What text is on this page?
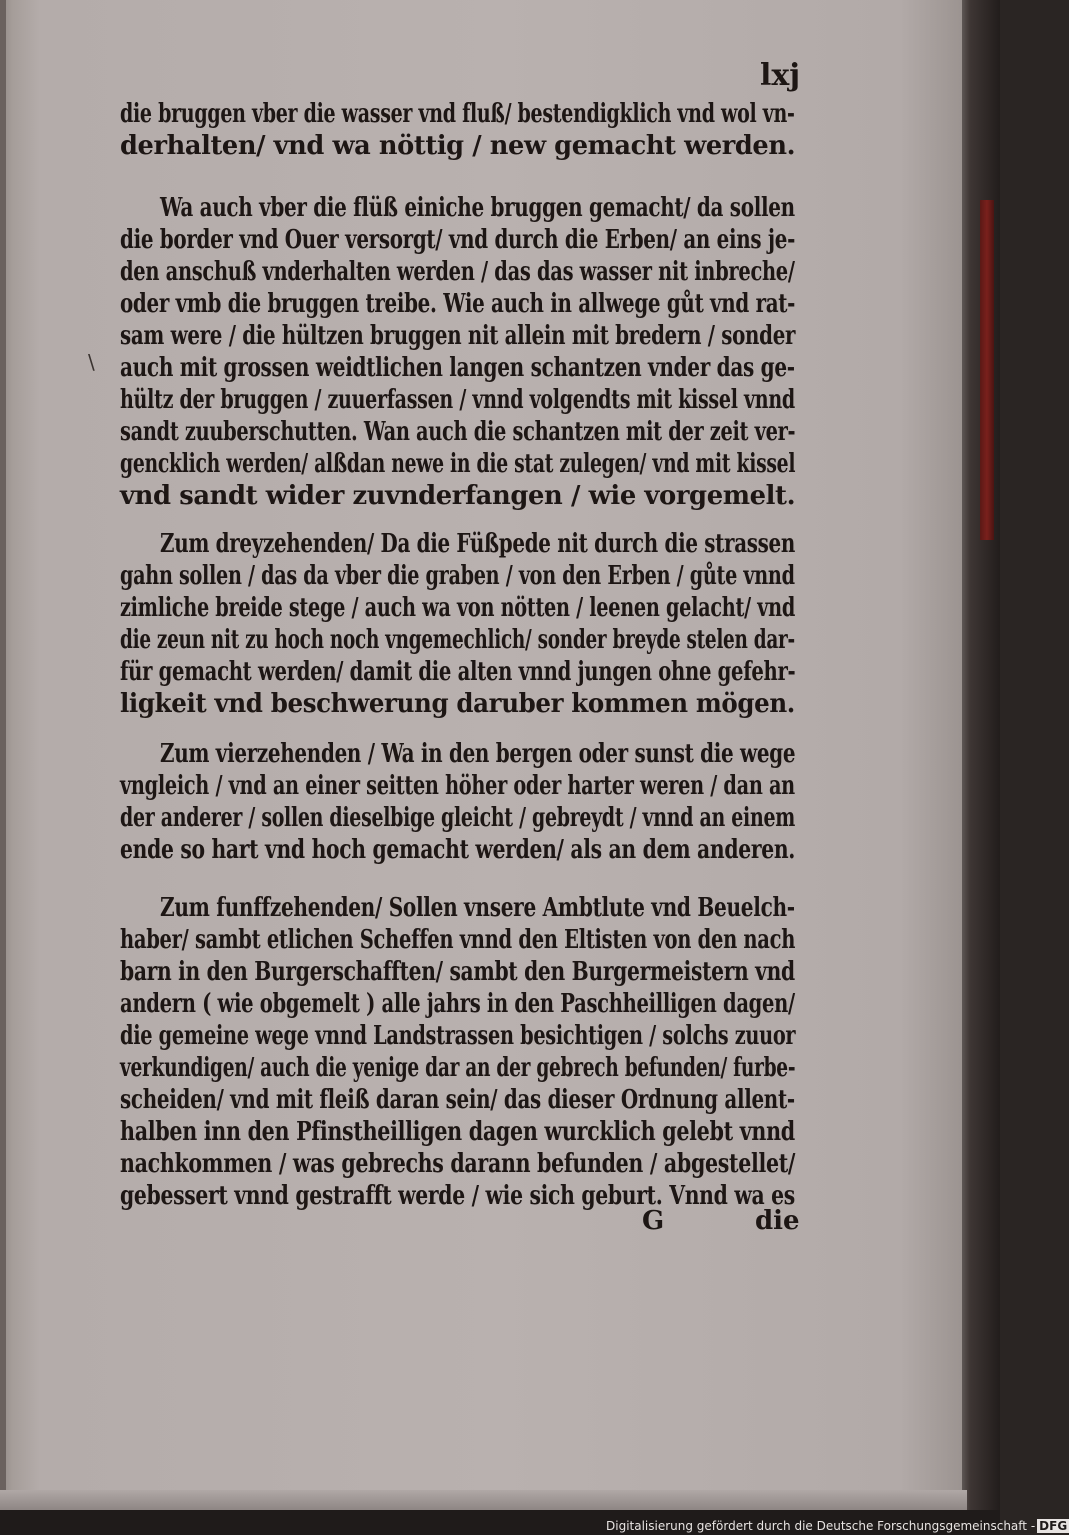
lxj
\
die bruggen vber die wasser vnd fluß/ bestendigklich vnd wol vn-
derhalten/ vnd wa nöttig / new gemacht werden.
Wa auch vber die flüß einiche bruggen gemacht/ da sollen
die border vnd Ouer versorgt/ vnd durch die Erben/ an eins je-
den anschuß vnderhalten werden / das das wasser nit inbreche/
oder vmb die bruggen treibe. Wie auch in allwege gůt vnd rat-
sam were / die hültzen bruggen nit allein mit bredern / sonder
auch mit grossen weidtlichen langen schantzen vnder das ge-
hültz der bruggen / zuuerfassen / vnnd volgendts mit kissel vnnd
sandt zuuberschutten. Wan auch die schantzen mit der zeit ver-
gencklich werden/ alßdan newe in die stat zulegen/ vnd mit kissel
vnd sandt wider zuvnderfangen / wie vorgemelt.
Zum dreyzehenden/ Da die Füßpede nit durch die strassen
gahn sollen / das da vber die graben / von den Erben / gůte vnnd
zimliche breide stege / auch wa von nötten / leenen gelacht/ vnd
die zeun nit zu hoch noch vngemechlich/ sonder breyde stelen dar-
für gemacht werden/ damit die alten vnnd jungen ohne gefehr-
ligkeit vnd beschwerung daruber kommen mögen.
Zum vierzehenden / Wa in den bergen oder sunst die wege
vngleich / vnd an einer seitten höher oder harter weren / dan an
der anderer / sollen dieselbige gleicht / gebreydt / vnnd an einem
ende so hart vnd hoch gemacht werden/ als an dem anderen.
Zum funffzehenden/ Sollen vnsere Ambtlute vnd Beuelch-
haber/ sambt etlichen Scheffen vnnd den Eltisten von den nach
barn in den Burgerschafften/ sambt den Burgermeistern vnd
andern ( wie obgemelt ) alle jahrs in den Paschheilligen dagen/
die gemeine wege vnnd Landstrassen besichtigen / solchs zuuor
verkundigen/ auch die yenige dar an der gebrech befunden/ furbe-
scheiden/ vnd mit fleiß daran sein/ das dieser Ordnung allent-
halben inn den Pfinstheilligen dagen wurcklich gelebt vnnd
nachkommen / was gebrechs darann befunden / abgestellet/
gebessert vnnd gestrafft werde / wie sich geburt. Vnnd wa es
G	die
Digitalisierung gefördert durch die Deutsche Forschungsgemeinschaft - DFG
